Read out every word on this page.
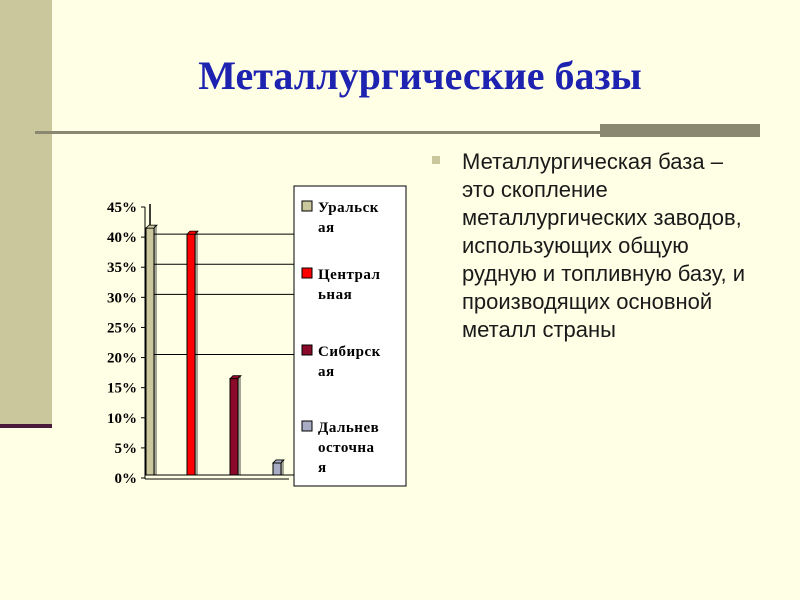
Металлургические базы

Металлургическая база – это скопление металлургических заводов, использующих общую рудную и топливную базу, и производящих основной металл страны

0%
5%
10%
15%
20%
25%
30%
35%
40%
45%	Уральск
ая
Централ
ьная
Сибирск
ая
Дальнев
осточна
я
